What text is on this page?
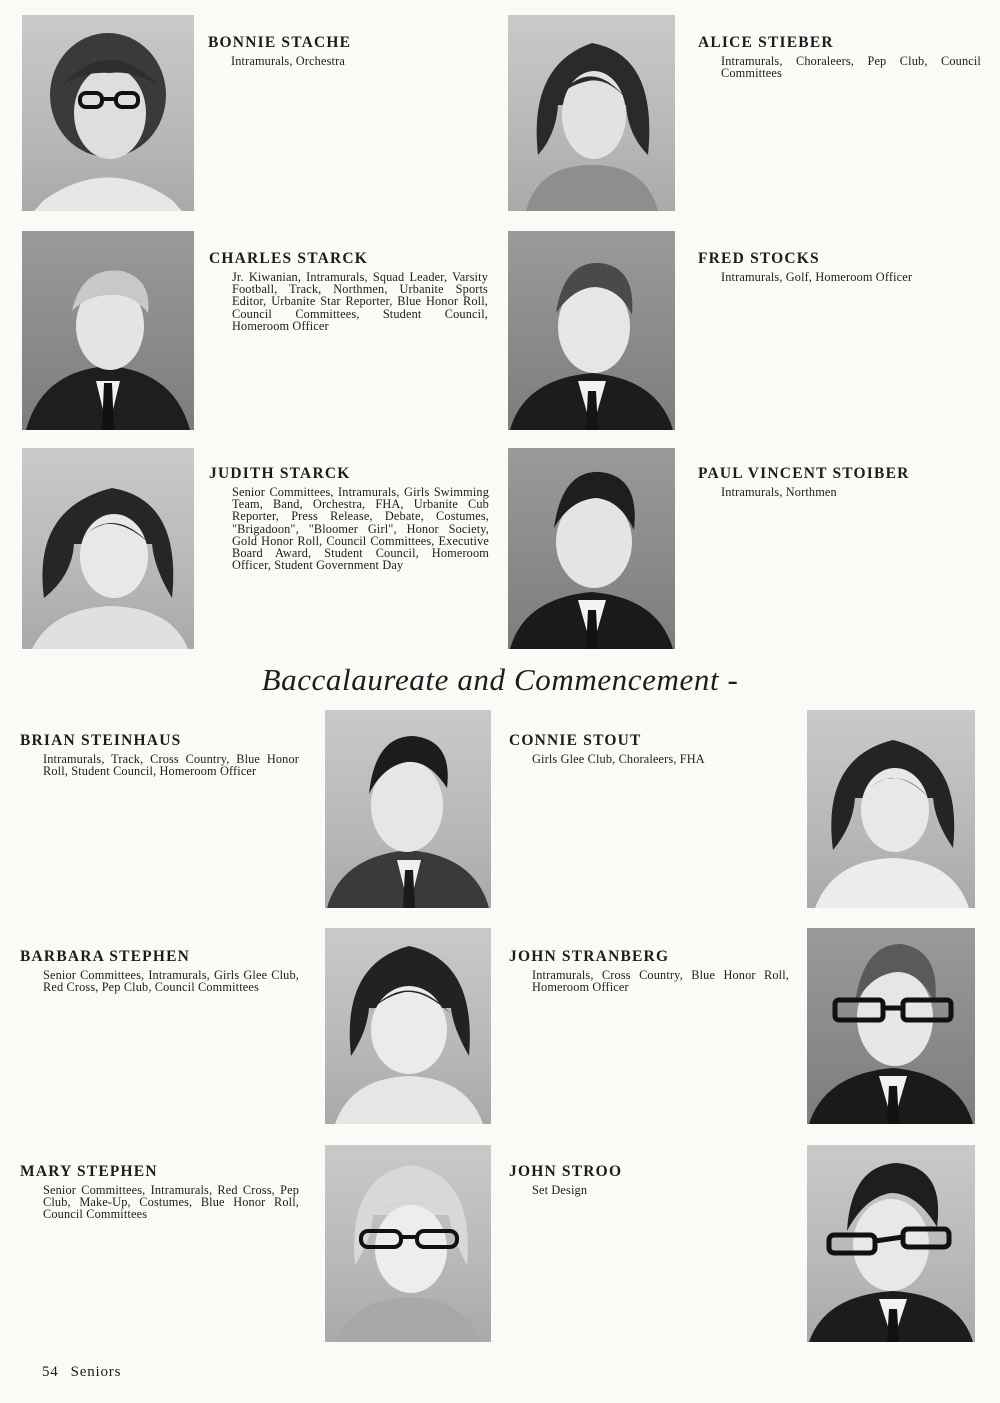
BONNIE STACHE
Intramurals, Orchestra
ALICE STIEBER
Intramurals, Choraleers, Pep Club, Council Committees
CHARLES STARCK
Jr. Kiwanian, Intramurals, Squad Leader, Varsity Football, Track, Northmen, Urbanite Sports Editor, Urbanite Star Reporter, Blue Honor Roll, Council Committees, Student Council, Homeroom Officer
FRED STOCKS
Intramurals, Golf, Homeroom Officer
JUDITH STARCK
Senior Committees, Intramurals, Girls Swimming Team, Band, Orchestra, FHA, Urbanite Cub Reporter, Press Release, Debate, Costumes, "Brigadoon", "Bloomer Girl", Honor Society, Gold Honor Roll, Council Committees, Executive Board Award, Student Council, Homeroom Officer, Student Government Day
PAUL VINCENT STOIBER
Intramurals, Northmen
Baccalaureate and Commencement -
BRIAN STEINHAUS
Intramurals, Track, Cross Country, Blue Honor Roll, Student Council, Homeroom Officer
CONNIE STOUT
Girls Glee Club, Choraleers, FHA
BARBARA STEPHEN
Senior Committees, Intramurals, Girls Glee Club, Red Cross, Pep Club, Council Committees
JOHN STRANBERG
Intramurals, Cross Country, Blue Honor Roll, Homeroom Officer
MARY STEPHEN
Senior Committees, Intramurals, Red Cross, Pep Club, Make-Up, Costumes, Blue Honor Roll, Council Committees
JOHN STROO
Set Design
54 Seniors
